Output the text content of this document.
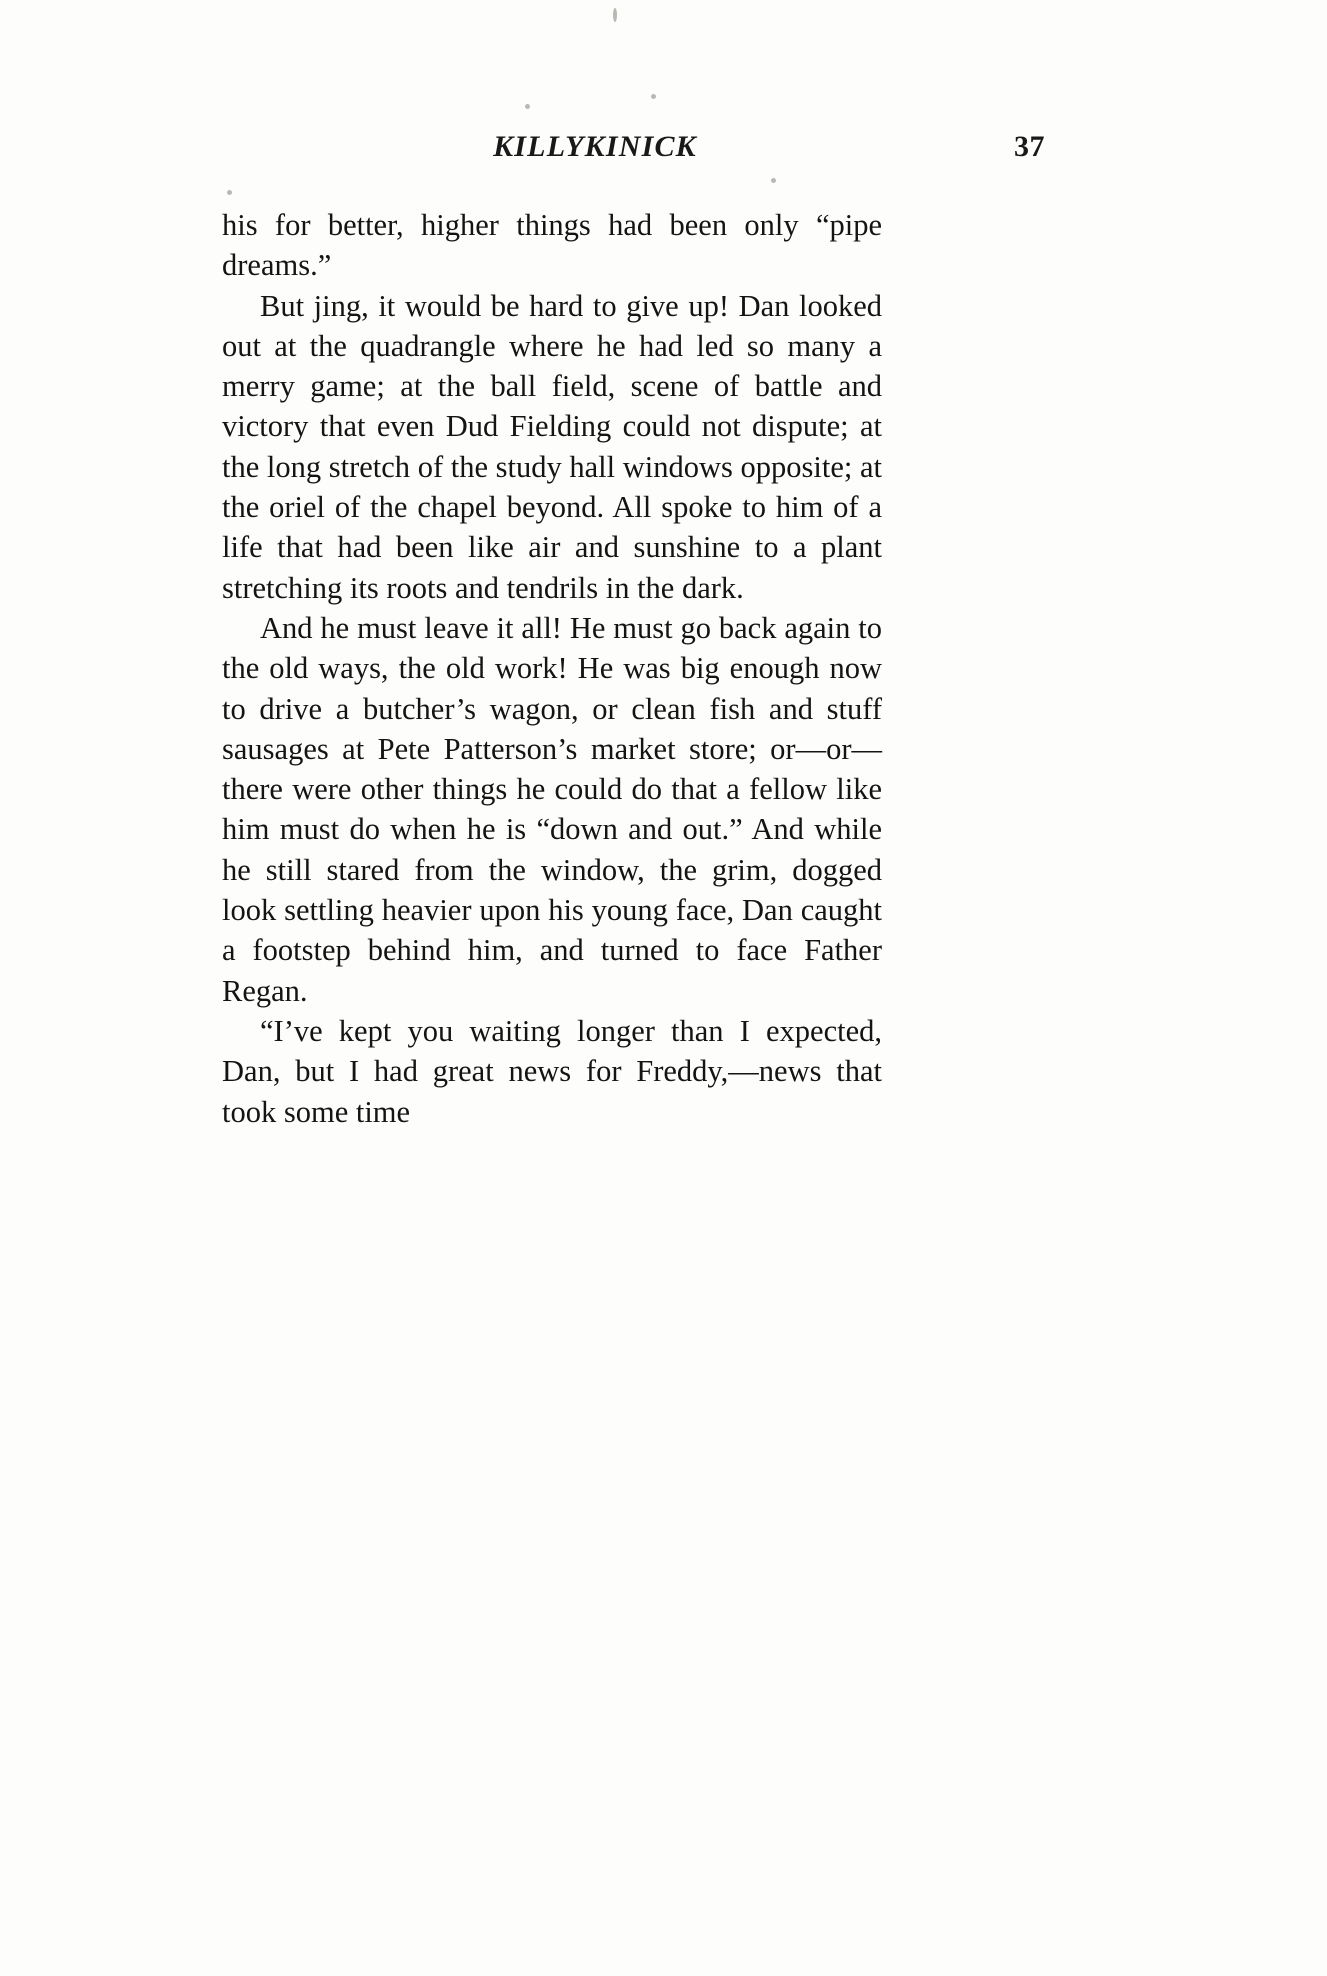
KILLYKINICK	37

his for better, higher things had been only “pipe dreams.”

But jing, it would be hard to give up! Dan looked out at the quadrangle where he had led so many a merry game; at the ball field, scene of battle and victory that even Dud Fielding could not dispute; at the long stretch of the study hall windows opposite; at the oriel of the chapel beyond. All spoke to him of a life that had been like air and sunshine to a plant stretching its roots and tendrils in the dark.

And he must leave it all! He must go back again to the old ways, the old work! He was big enough now to drive a butcher’s wagon, or clean fish and stuff sausages at Pete Patterson’s market store; or—or—there were other things he could do that a fellow like him must do when he is “down and out.” And while he still stared from the window, the grim, dogged look settling heavier upon his young face, Dan caught a footstep behind him, and turned to face Father Regan.

“I’ve kept you waiting longer than I expected, Dan, but I had great news for Freddy,—news that took some time
